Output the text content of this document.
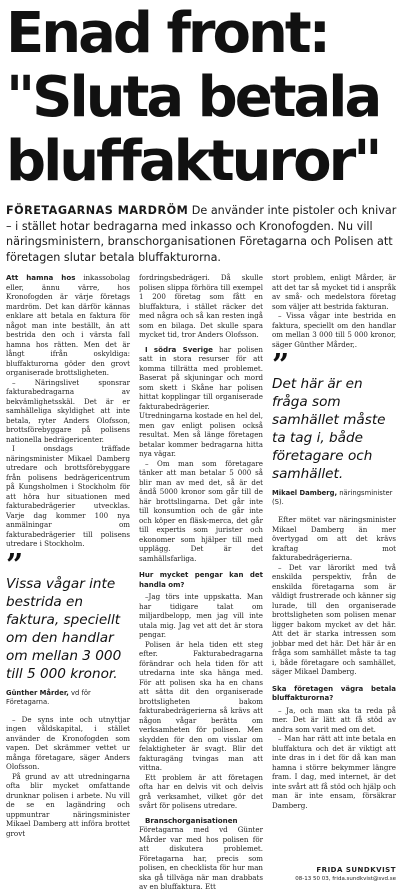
Enad front:
"Sluta betala
bluffakturor"
FÖRETAGARNAS MARDRÖM De använder inte pistoler och knivar – i stället hotar bedragarna med inkasso och Kronofogden. Nu vill näringsministern, branschorganisationen Företagarna och Polisen att företagen slutar betala bluffakturorna.

Att hamna hos inkassobolag eller, ännu värre, hos Kronofogden är värje företags mardröm. Det kan därför kännas enklare att betala en faktura för något man inte beställt, än att bestrida den och i värsta fall hamna hos rätten. Men det är långt ifrån oskyldiga: bluffakturorna göder den grovt organiserade brottsligheten.

– Näringslivet sponsrar fakturabedragarna av bekvämlighetsskäl. Det är er samhälleliga skyldighet att inte betala, ryter Anders Olofsson, brottsförebyggare på polisens nationella bedrägericenter.

I onsdags träffade näringsminister Mikael Damberg utredare och brottsförebyggare från polisens bedrägericentrum på Kungsholmen i Stockholm för att höra hur situationen med fakturabedrägerier utvecklas. Varje dag kommer 100 nya anmälningar om fakturabedrägerier till polisens utredare i Stockholm.

”
Vissa vågar inte bestrida en faktura, speciellt om den handlar om mellan 3 000 till 5 000 kronor.
Günther Mårder, vd för Företagarna.

– De syns inte och utnyttjar ingen våldskapital, i stället använder de Kronofogden som vapen. Det skrämmer vettet ur många företagare, säger Anders Olofsson.

På grund av att utredningarna ofta blir mycket omfattande drunknar polisen i arbete. Nu vill de se en lagändring och uppmuntrar näringsminister Mikael Damberg att införa brottet grovt

fordringsbedrägeri. Då skulle polisen slippa förhöra till exempel 1 200 företag som fått en bluffaktura, i stället räcker det med några och så kan resten ingå som en bilaga. Det skulle spara mycket tid, tror Anders Olofsson.

I södra Sverige har polisen satt in stora resurser för att komma tillrätta med problemet. Baserat på skjuningar och mord som skett i Skåne har polisen hittat kopplingar till organiserade fakturabedrägerier. Utredningarna kostade en hel del, men gav enligt polisen också resultat. Men så länge företagen betalar kommer bedragarna hitta nya vägar.

– Om man som företagare tänker att man betalar 5 000 så blir man av med det, så är det ändå 5000 kronor som går till de här brottslingarna. Det går inte till konsumtion och de går inte och köper en fläsk-merca, det går till expertis som jurister och ekonomer som hjälper till med upplägg. Det är det samhällsfarliga.

Hur mycket pengar kan det handla om?

–Jag törs inte uppskatta. Man har tidigare talat om miljardbelopp, men jag vill inte utala mig. Jag vet att det är stora pengar.

Polisen är hela tiden ett steg efter. Fakturabedragarna förändrar och hela tiden för att utredarna inte ska hänga med. För att polisen ska ha en chans att sätta dit den organiserade brottsligheten bakom fakturabedrägerierna så krävs att någon vågar berätta om verksamheten för polisen. Men skydden för den om visslar om felaktigheter är svagt. Blir det fakturagäng tvingas man att vittna.

Ett problem är att företagen ofta har en delvis vit och delvis grå verksamhet, vilket gör det svårt för polisens utredare.

Branschorganisationen Företagarna med vd Günter Mårder var med hos polisen för att diskutera problemet. Företagarna har, precis som polisen, en checklista för hur man ska gå tillväga när man drabbats av en bluffaktura. Ett

stort problem, enligt Mårder, är att det tar så mycket tid i anspråk av små- och medelstora företag som väljer att bestrida fakturan.

– Vissa vågar inte bestrida en faktura, speciellt om den handlar om mellan 3 000 till 5 000 kronor, säger Günther Mårder,.

”
Det här är en fråga som samhället måste ta tag i, både företagare och samhället.
Mikael Damberg, näringsminister (S).

Efter mötet var näringsminister Mikael Damberg än mer övertygad om att det krävs kraftag mot fakturabedrägerierna.

– Det var lärorikt med två enskilda perspektiv, från de enskilda företagarna som är väldigt frustrerade och känner sig lurade, till den organiserade brottsligheten som polisen menar ligger bakom mycket av det här. Att det är starka intressen som jobbar med det här. Det här är en fråga som samhället måste ta tag i, både företagare och samhället, säger Mikael Damberg.

Ska företagen vägra betala bluffakturorna?

– Ja, och man ska ta reda på mer. Det är lätt att få stöd av andra som varit med om det.

– Man har rätt att inte betala en bluffaktura och det är viktigt att inte dras in i det för då kan man hamna i större bekymmer längre fram. I dag, med internet, är det inte svårt att få stöd och hjälp och man är inte ensam, försäkrar Damberg.

FRIDA SUNDKVIST
08-13 50 03, frida.sundkvist@svd.se
